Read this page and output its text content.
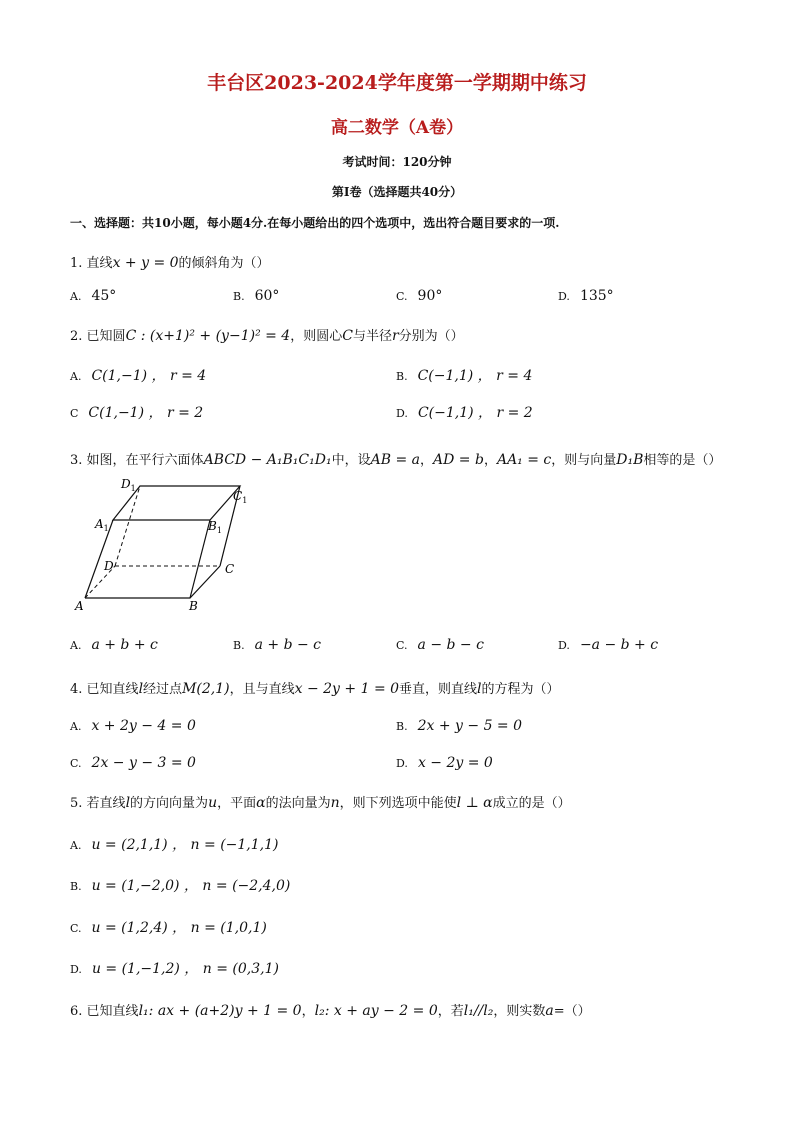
丰台区2023-2024学年度第一学期期中练习
高二数学（A卷）
考试时间：120分钟
第Ⅰ卷（选择题共40分）
一、选择题：共10小题，每小题4分.在每小题给出的四个选项中，选出符合题目要求的一项.
1. 直线x + y = 0的倾斜角为（）
A. 45°	B. 60°	C. 90°	D. 135°
2. 已知圆C : (x+1)² + (y−1)² = 4，则圆心C与半径r分别为（）
A. C(1,−1) ， r = 4	B. C(−1,1) ， r = 4
C C(1,−1) ， r = 2	D. C(−1,1) ， r = 2
3. 如图，在平行六面体ABCD − A₁B₁C₁D₁中，设AB = a，AD = b，AA₁ = c，则与向量D₁B相等的是（）
A	B
C
D
$A_1$	$B_1$
$C_1$
$D_1$
A. a + b + c	B. a + b − c	C. a − b − c	D. −a − b + c
4. 已知直线l经过点M(2,1)，且与直线x − 2y + 1 = 0垂直，则直线l的方程为（）
A. x + 2y − 4 = 0	B. 2x + y − 5 = 0
C. 2x − y − 3 = 0	D. x − 2y = 0
5. 若直线l的方向向量为u，平面α的法向量为n，则下列选项中能使l ⊥ α成立的是（）
A. u = (2,1,1) ， n = (−1,1,1)
B. u = (1,−2,0) ， n = (−2,4,0)
C. u = (1,2,4) ， n = (1,0,1)
D. u = (1,−1,2) ， n = (0,3,1)
6. 已知直线l₁: ax + (a+2)y + 1 = 0，l₂: x + ay − 2 = 0，若l₁//l₂，则实数a=（）
